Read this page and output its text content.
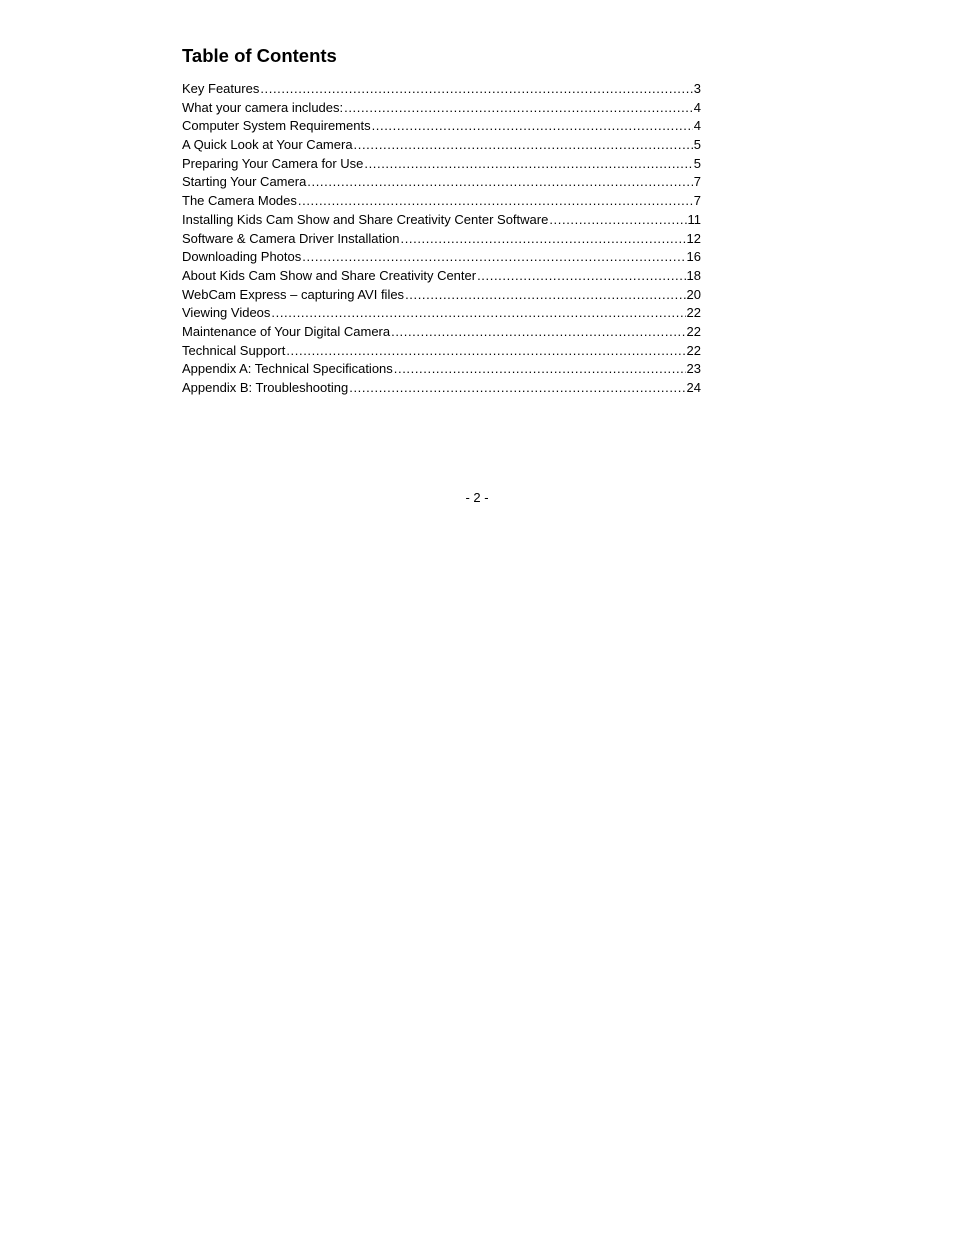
Table of Contents
Key Features .....	3
What your camera includes: .....	4
Computer System Requirements .....	4
A Quick Look at Your Camera .....	5
Preparing Your Camera for Use .....	5
Starting Your Camera .....	7
The Camera Modes .....	7
Installing Kids Cam Show and Share Creativity Center Software .....	11
Software & Camera Driver Installation .....	12
Downloading Photos .....	16
About Kids Cam Show and Share Creativity Center .....	18
WebCam Express – capturing AVI files .....	20
Viewing Videos .....	22
Maintenance of Your Digital Camera .....	22
Technical Support .....	22
Appendix A: Technical Specifications .....	23
Appendix B: Troubleshooting .....	24
- 2 -
